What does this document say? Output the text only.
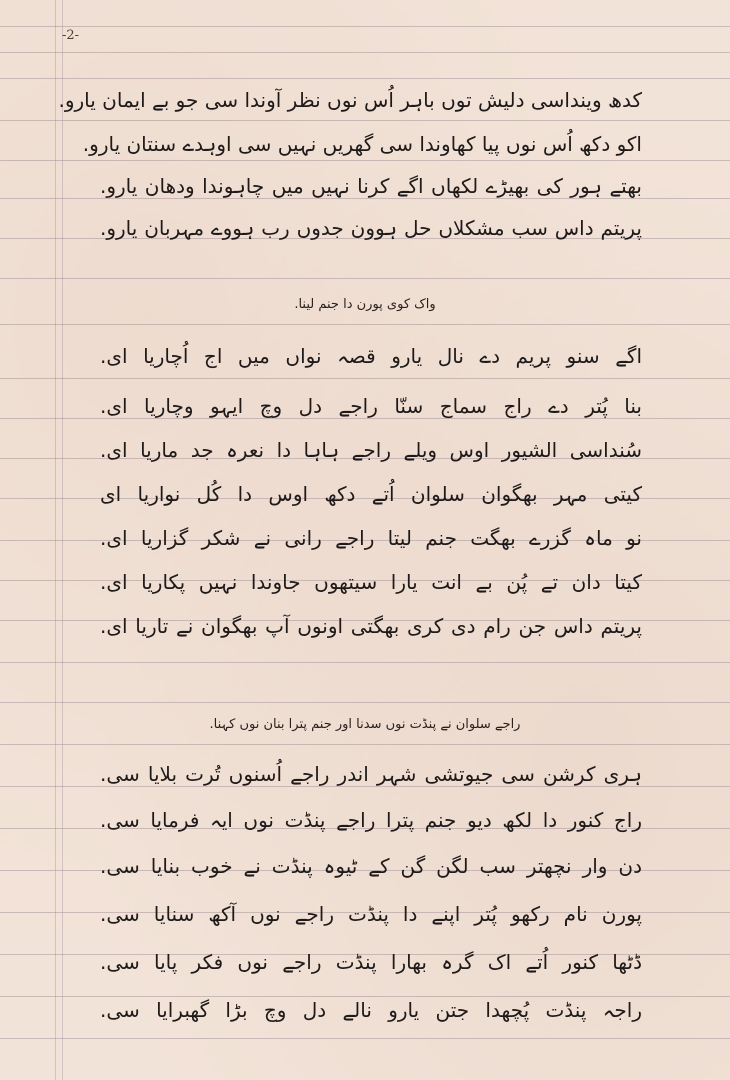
-2-
کدھ وینداسی دلیش توں باہر اُس نوں نظر آوندا سی جو بے ایمان یارو.
اکو دکھ اُس نوں پیا کھاوندا سی گھریں نہیں سی اوہدے سنتان یارو.
بھتے ہور کی بھیڑے لکھاں اگے کرنا نہیں میں چاہوندا ودھان یارو.
پریتم داس سب مشکلاں حل ہوون جدوں رب ہووے مہربان یارو.
واک کوی پورن دا جنم لینا.
اگے سنو پریم دے نال یارو قصہ نواں میں اج اُچاریا ای.
بنا پُتر دے راج سماج سنّا راجے دل وچ ایہو وچاریا ای.
سُنداسی الشیور اوس ویلے راجے ہاہا دا نعرہ جد ماریا ای.
کیتی مہر بھگوان سلوان اُتے دکھ اوس دا کُل نواریا ای
نو ماہ گزرے بھگت جنم لیتا راجے رانی نے شکر گزاریا ای.
کیتا دان تے پُن بے انت یارا سیتھوں جاوندا نہیں پکاریا ای.
پریتم داس جن رام دی کری بھگتی اونوں آپ بھگوان نے تاریا ای.
راجے سلوان نے پنڈت نوں سدنا اور جنم پترا بنان نوں کہنا.
ہری کرشن سی جیوتشی شہر اندر راجے اُسنوں تُرت بلایا سی.
راج کنور دا لکھ دیو جنم پترا راجے پنڈت نوں ایہ فرمایا سی.
دن وار نچھتر سب لگن گن کے ٹیوہ پنڈت نے خوب بنایا سی.
پورن نام رکھو پُتر اپنے دا پنڈت راجے نوں آکھ سنایا سی.
ڈٹھا کنور اُتے اک گرہ بھارا پنڈت راجے نوں فکر پایا سی.
راجہ پنڈت پُچھدا جتن یارو نالے دل وچ بڑا گھبرایا سی.
